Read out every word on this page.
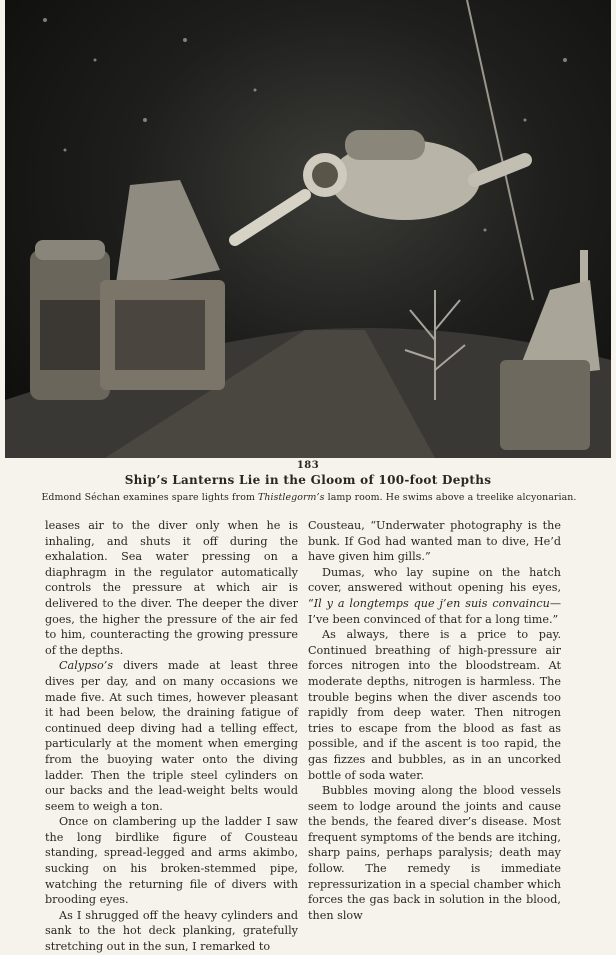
183
Ship’s Lanterns Lie in the Gloom of 100-foot Depths
Edmond Séchan examines spare lights from Thistlegorm’s lamp room. He swims above a treelike alcyonarian.

leases air to the diver only when he is inhaling, and shuts it off during the exhalation. Sea water pressing on a diaphragm in the regulator automatically controls the pressure at which air is delivered to the diver. The deeper the diver goes, the higher the pressure of the air fed to him, counteracting the growing pressure of the depths.

Calypso’s divers made at least three dives per day, and on many occasions we made five. At such times, however pleasant it had been below, the draining fatigue of continued deep diving had a telling effect, particularly at the moment when emerging from the buoying water onto the diving ladder. Then the triple steel cylinders on our backs and the lead-weight belts would seem to weigh a ton.

Once on clambering up the ladder I saw the long birdlike figure of Cousteau standing, spread-legged and arms akimbo, sucking on his broken-stemmed pipe, watching the returning file of divers with brooding eyes.

As I shrugged off the heavy cylinders and sank to the hot deck planking, gratefully stretching out in the sun, I remarked to

Cousteau, “Underwater photography is the bunk. If God had wanted man to dive, He’d have given him gills.”

Dumas, who lay supine on the hatch cover, answered without opening his eyes, “Il y a longtemps que j’en suis convaincu—I’ve been convinced of that for a long time.”

As always, there is a price to pay. Continued breathing of high-pressure air forces nitrogen into the bloodstream. At moderate depths, nitrogen is harmless. The trouble begins when the diver ascends too rapidly from deep water. Then nitrogen tries to escape from the blood as fast as possible, and if the ascent is too rapid, the gas fizzes and bubbles, as in an uncorked bottle of soda water.

Bubbles moving along the blood vessels seem to lodge around the joints and cause the bends, the feared diver’s disease. Most frequent symptoms of the bends are itching, sharp pains, perhaps paralysis; death may follow. The remedy is immediate repressurization in a special chamber which forces the gas back in solution in the blood, then slow
